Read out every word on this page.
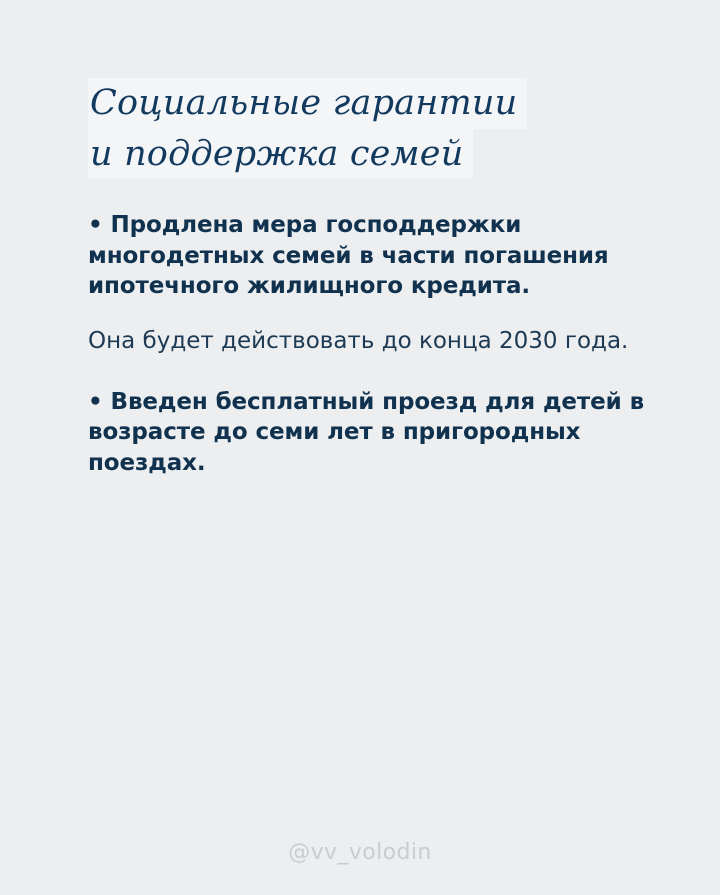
Социальные гарантии
и поддержка семей
• Продлена мера господдержки многодетных семей в части погашения ипотечного жилищного кредита.
Она будет действовать до конца 2030 года.
• Введен бесплатный проезд для детей в возрасте до семи лет в пригородных поездах.
@vv_volodin
